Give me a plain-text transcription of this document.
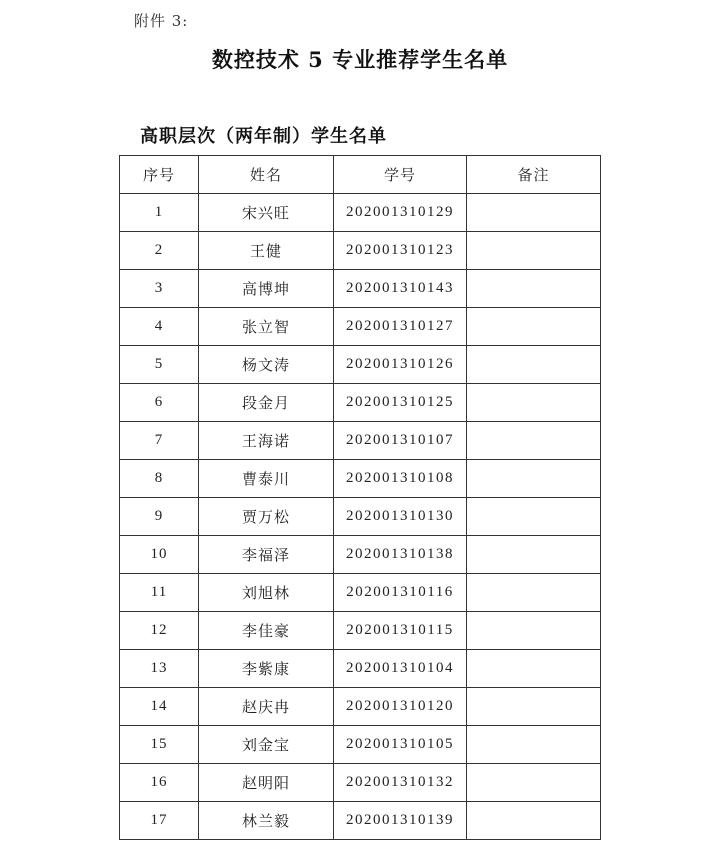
附件 3:
数控技术 5 专业推荐学生名单
高职层次（两年制）学生名单
序号	姓名	学号	备注
1	宋兴旺	202001310129	
2	王健	202001310123	
3	高博坤	202001310143	
4	张立智	202001310127	
5	杨文涛	202001310126	
6	段金月	202001310125	
7	王海诺	202001310107	
8	曹泰川	202001310108	
9	贾万松	202001310130	
10	李福泽	202001310138	
11	刘旭林	202001310116	
12	李佳豪	202001310115	
13	李紫康	202001310104	
14	赵庆冉	202001310120	
15	刘金宝	202001310105	
16	赵明阳	202001310132	
17	林兰毅	202001310139	
